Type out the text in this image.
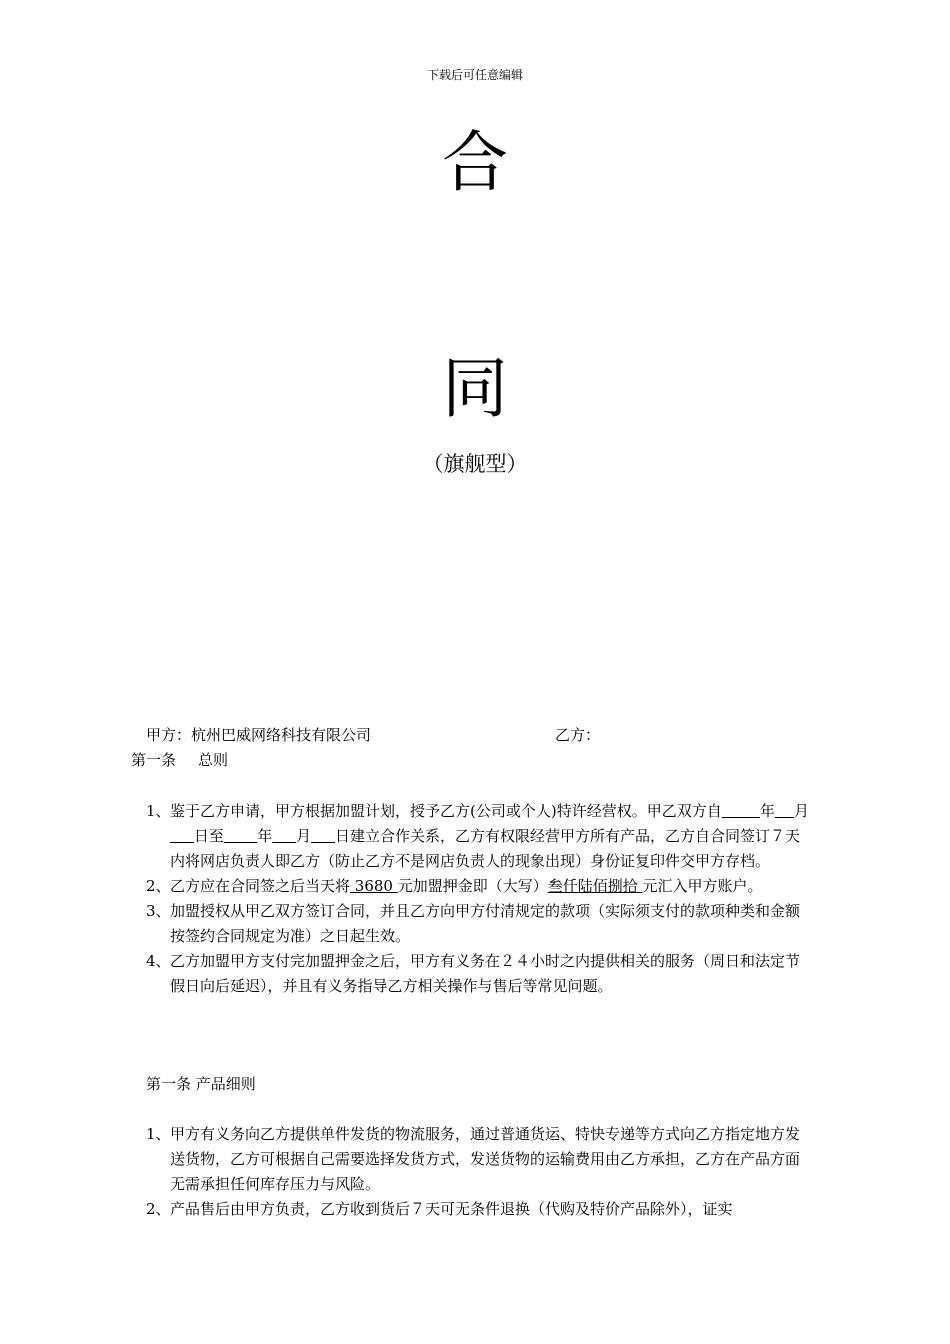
下载后可任意编辑
合
同
（旗舰型）
甲方：杭州巴威网络科技有限公司	乙方：
第一条 总则
1、 鉴于乙方申请，甲方根据加盟计划，授予乙方(公司或个人)特许经营权。甲乙双方自	年 月     日至 年 月 日建立合作关系，乙方有权限经营甲方所有产品，乙方自合同签订７天内将网店负责人即乙方（防止乙方不是网店负责人的现象出现）身份证复印件交甲方存档。
2、 乙方应在合同签之后当天将 3680 元加盟押金即（大写）叁仟陆佰捌拾 元汇入甲方账户。
3、 加盟授权从甲乙双方签订合同，并且乙方向甲方付清规定的款项（实际须支付的款项种类和金额按签约合同规定为准）之日起生效。
4、 乙方加盟甲方支付完加盟押金之后，甲方有义务在２４小时之内提供相关的服务（周日和法定节假日向后延迟），并且有义务指导乙方相关操作与售后等常见问题。
第一条 产品细则
1、 甲方有义务向乙方提供单件发货的物流服务，通过普通货运、特快专递等方式向乙方指定地方发送货物，乙方可根据自己需要选择发货方式，发送货物的运输费用由乙方承担，乙方在产品方面无需承担任何库存压力与风险。
2、 产品售后由甲方负责，乙方收到货后７天可无条件退换（代购及特价产品除外），证实
